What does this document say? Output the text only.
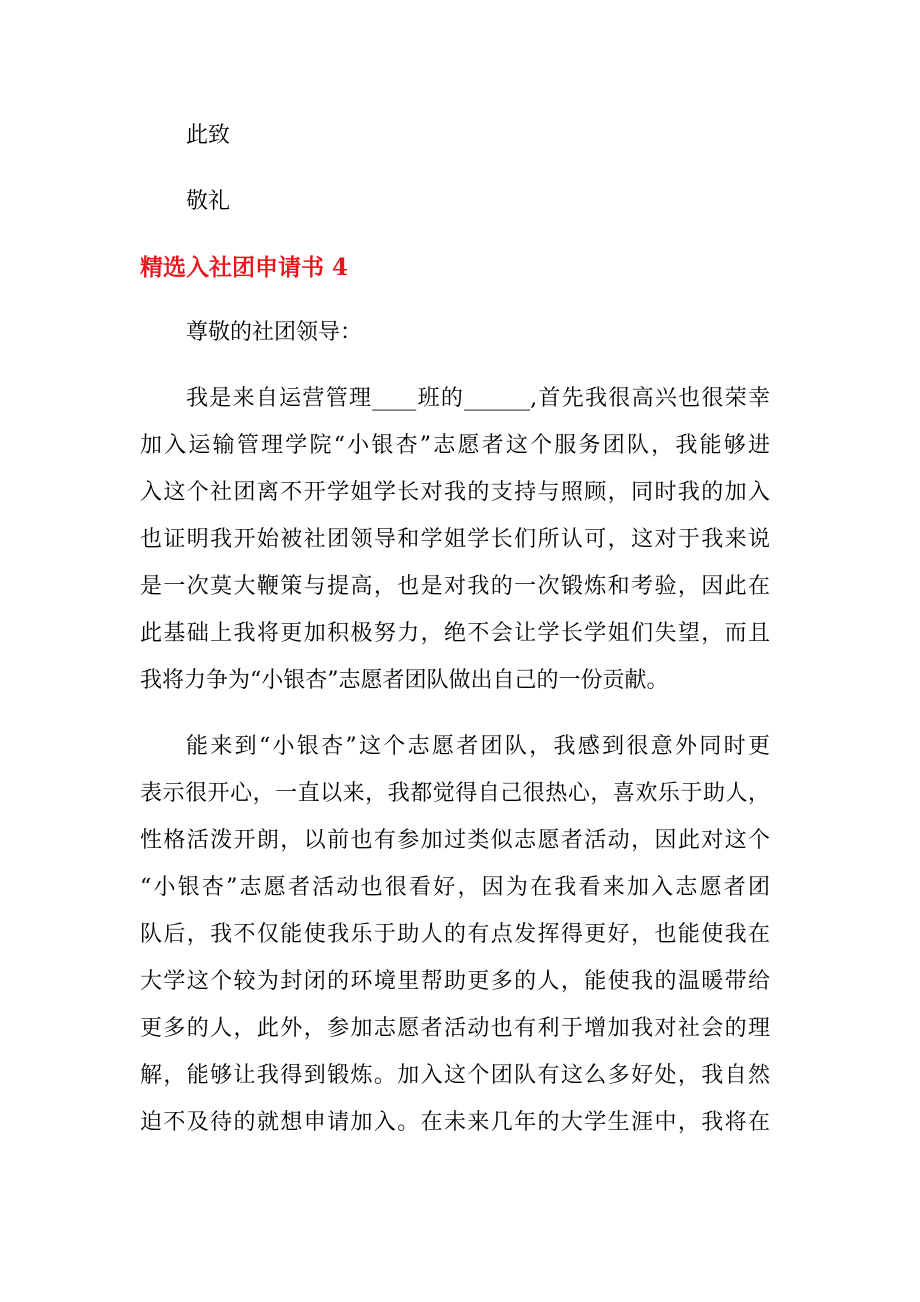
此致
敬礼
精选入社团申请书 4
尊敬的社团领导：
我是来自运营管理____班的______,首先我很高兴也很荣幸
加入运输管理学院“小银杏”志愿者这个服务团队，我能够进
入这个社团离不开学姐学长对我的支持与照顾，同时我的加入
也证明我开始被社团领导和学姐学长们所认可，这对于我来说
是一次莫大鞭策与提高，也是对我的一次锻炼和考验，因此在
此基础上我将更加积极努力，绝不会让学长学姐们失望，而且
我将力争为“小银杏”志愿者团队做出自己的一份贡献。
能来到“小银杏”这个志愿者团队，我感到很意外同时更
表示很开心，一直以来，我都觉得自己很热心，喜欢乐于助人，
性格活泼开朗，以前也有参加过类似志愿者活动，因此对这个
“小银杏”志愿者活动也很看好，因为在我看来加入志愿者团
队后，我不仅能使我乐于助人的有点发挥得更好，也能使我在
大学这个较为封闭的环境里帮助更多的人，能使我的温暖带给
更多的人，此外，参加志愿者活动也有利于增加我对社会的理
解，能够让我得到锻炼。加入这个团队有这么多好处，我自然
迫不及待的就想申请加入。在未来几年的大学生涯中，我将在
